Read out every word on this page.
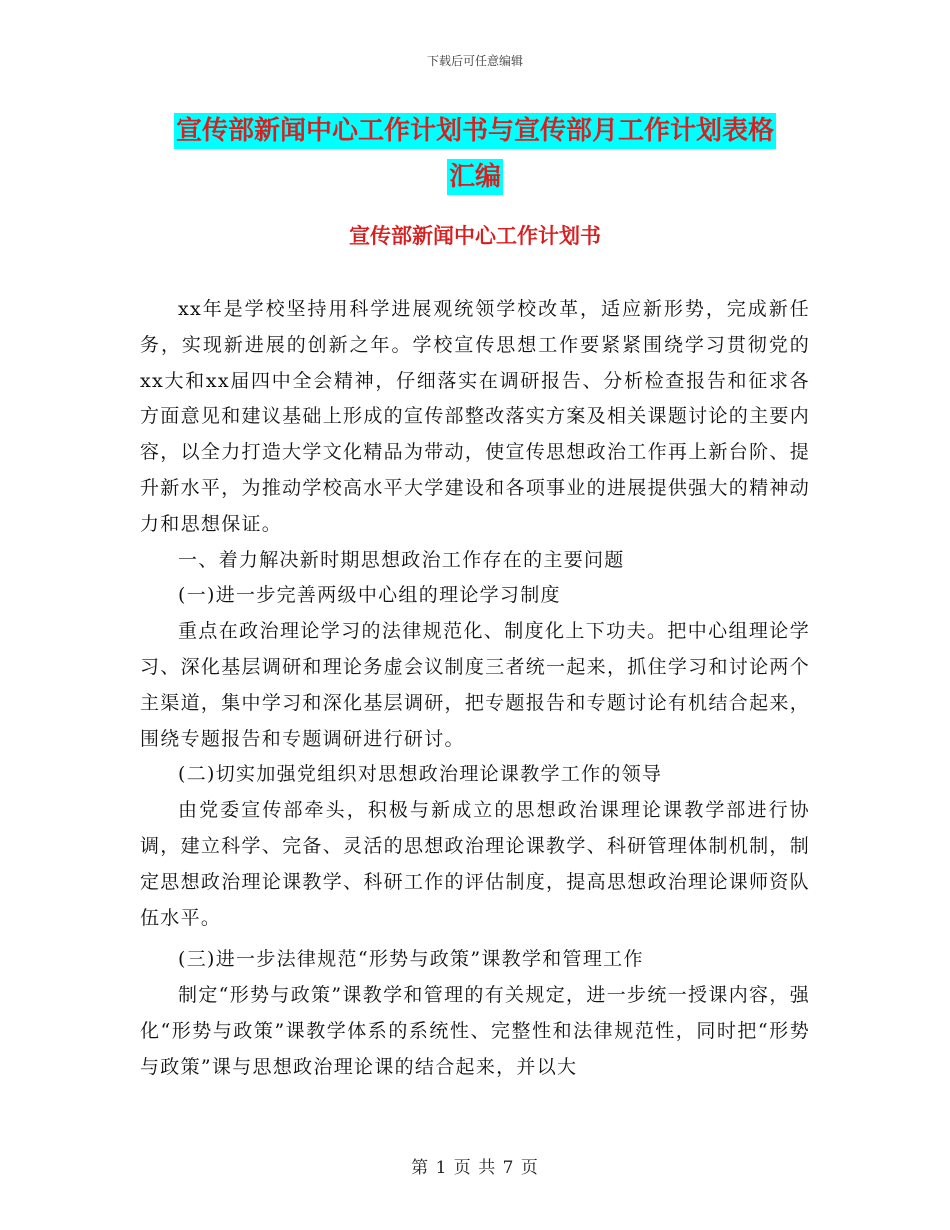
下载后可任意编辑
宣传部新闻中心工作计划书与宣传部月工作计划表格
汇编
宣传部新闻中心工作计划书

xx年是学校坚持用科学进展观统领学校改革，适应新形势，完成新任务，实现新进展的创新之年。学校宣传思想工作要紧紧围绕学习贯彻党的xx大和xx届四中全会精神，仔细落实在调研报告、分析检查报告和征求各方面意见和建议基础上形成的宣传部整改落实方案及相关课题讨论的主要内容，以全力打造大学文化精品为带动，使宣传思想政治工作再上新台阶、提升新水平，为推动学校高水平大学建设和各项事业的进展提供强大的精神动力和思想保证。

一、着力解决新时期思想政治工作存在的主要问题

(一)进一步完善两级中心组的理论学习制度

重点在政治理论学习的法律规范化、制度化上下功夫。把中心组理论学习、深化基层调研和理论务虚会议制度三者统一起来，抓住学习和讨论两个主渠道，集中学习和深化基层调研，把专题报告和专题讨论有机结合起来，围绕专题报告和专题调研进行研讨。

(二)切实加强党组织对思想政治理论课教学工作的领导

由党委宣传部牵头，积极与新成立的思想政治课理论课教学部进行协调，建立科学、完备、灵活的思想政治理论课教学、科研管理体制机制，制定思想政治理论课教学、科研工作的评估制度，提高思想政治理论课师资队伍水平。

(三)进一步法律规范“形势与政策”课教学和管理工作

制定“形势与政策”课教学和管理的有关规定，进一步统一授课内容，强化“形势与政策”课教学体系的系统性、完整性和法律规范性，同时把“形势与政策”课与思想政治理论课的结合起来，并以大

第 1 页 共 7 页
